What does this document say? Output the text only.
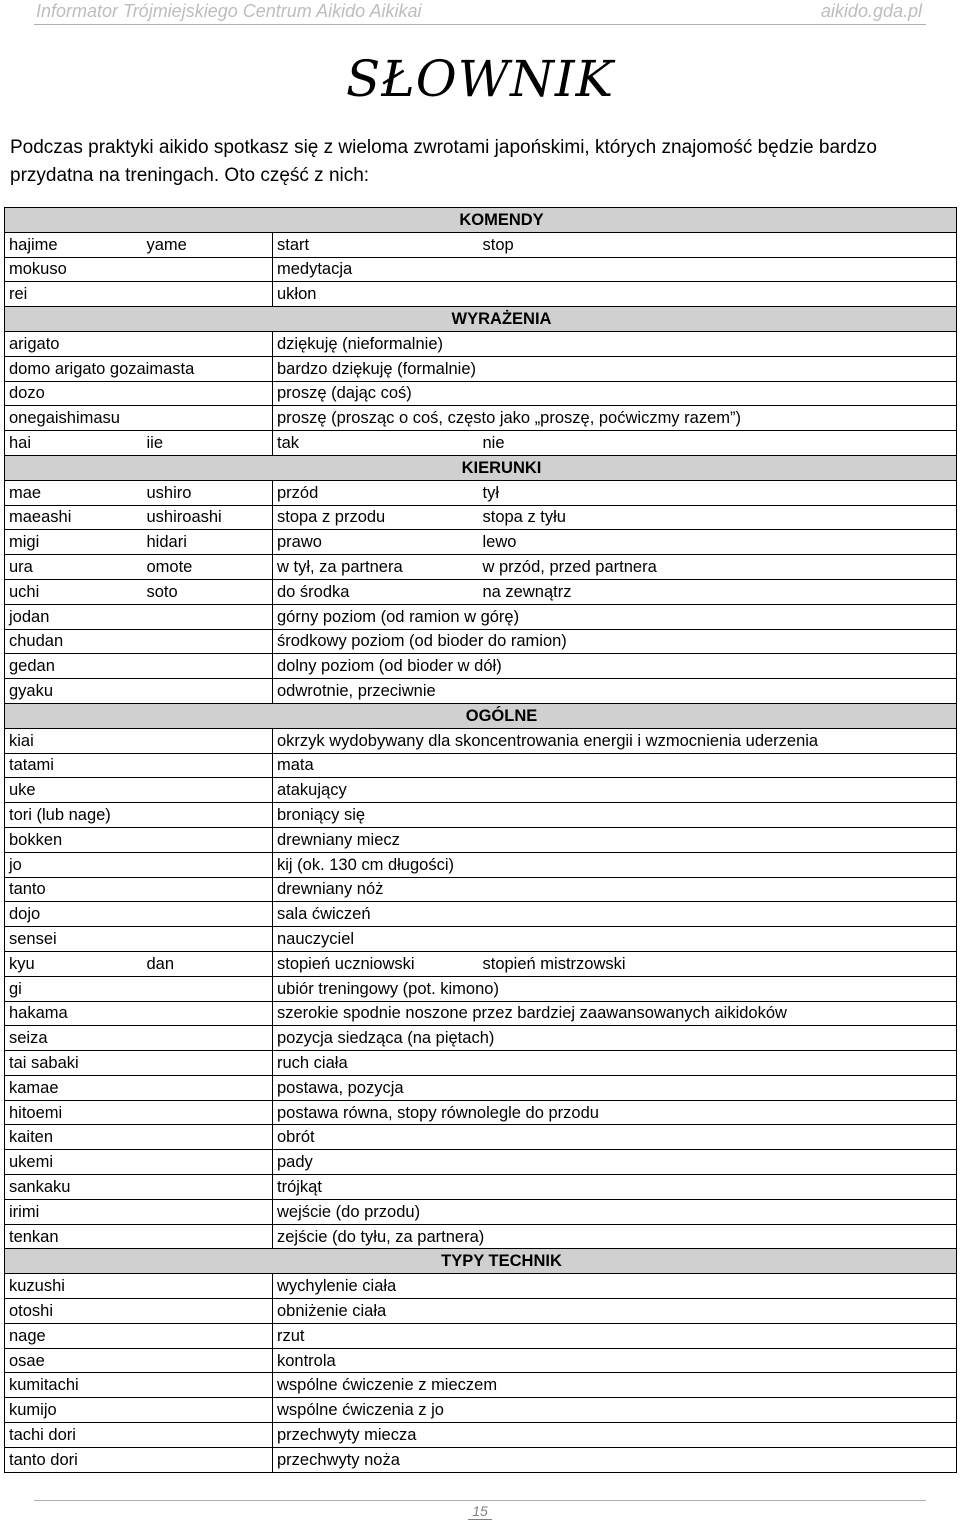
Informator Trójmiejskiego Centrum Aikido Aikikai	aikido.gda.pl
SŁOWNIK
Podczas praktyki aikido spotkasz się z wieloma zwrotami japońskimi, których znajomość będzie bardzo przydatna na treningach. Oto część z nich:
KOMENDY			
hajime	yame	start	stop
mokuso		medytacja	
rei		ukłon	
WYRAŻENIA			
arigato		dziękuję (nieformalnie)	
domo arigato gozaimasta		bardzo dziękuję (formalnie)	
dozo		proszę (dając coś)	
onegaishimasu		proszę (prosząc o coś, często jako „proszę, poćwiczmy razem”)	
hai	iie	tak	nie
KIERUNKI			
mae	ushiro	przód	tył
maeashi	ushiroashi	stopa z przodu	stopa z tyłu
migi	hidari	prawo	lewo
ura	omote	w tył, za partnera	w przód, przed partnera
uchi	soto	do środka	na zewnątrz
jodan		górny poziom (od ramion w górę)	
chudan		środkowy poziom (od bioder do ramion)	
gedan		dolny poziom (od bioder w dół)	
gyaku		odwrotnie, przeciwnie	
OGÓLNE			
kiai		okrzyk wydobywany dla skoncentrowania energii i wzmocnienia uderzenia	
tatami		mata	
uke		atakujący	
tori (lub nage)		broniący się	
bokken		drewniany miecz	
jo		kij (ok. 130 cm długości)	
tanto		drewniany nóż	
dojo		sala ćwiczeń	
sensei		nauczyciel	
kyu	dan	stopień uczniowski	stopień mistrzowski
gi		ubiór treningowy (pot. kimono)	
hakama		szerokie spodnie noszone przez bardziej zaawansowanych aikidoków	
seiza		pozycja siedząca (na piętach)	
tai sabaki		ruch ciała	
kamae		postawa, pozycja	
hitoemi		postawa równa, stopy równolegle do przodu	
kaiten		obrót	
ukemi		pady	
sankaku		trójkąt	
irimi		wejście (do przodu)	
tenkan		zejście (do tyłu, za partnera)	
TYPY TECHNIK			
kuzushi		wychylenie ciała	
otoshi		obniżenie ciała	
nage		rzut	
osae		kontrola	
kumitachi		wspólne ćwiczenie z mieczem	
kumijo		wspólne ćwiczenia z jo	
tachi dori		przechwyty miecza	
tanto dori		przechwyty noża	
15
